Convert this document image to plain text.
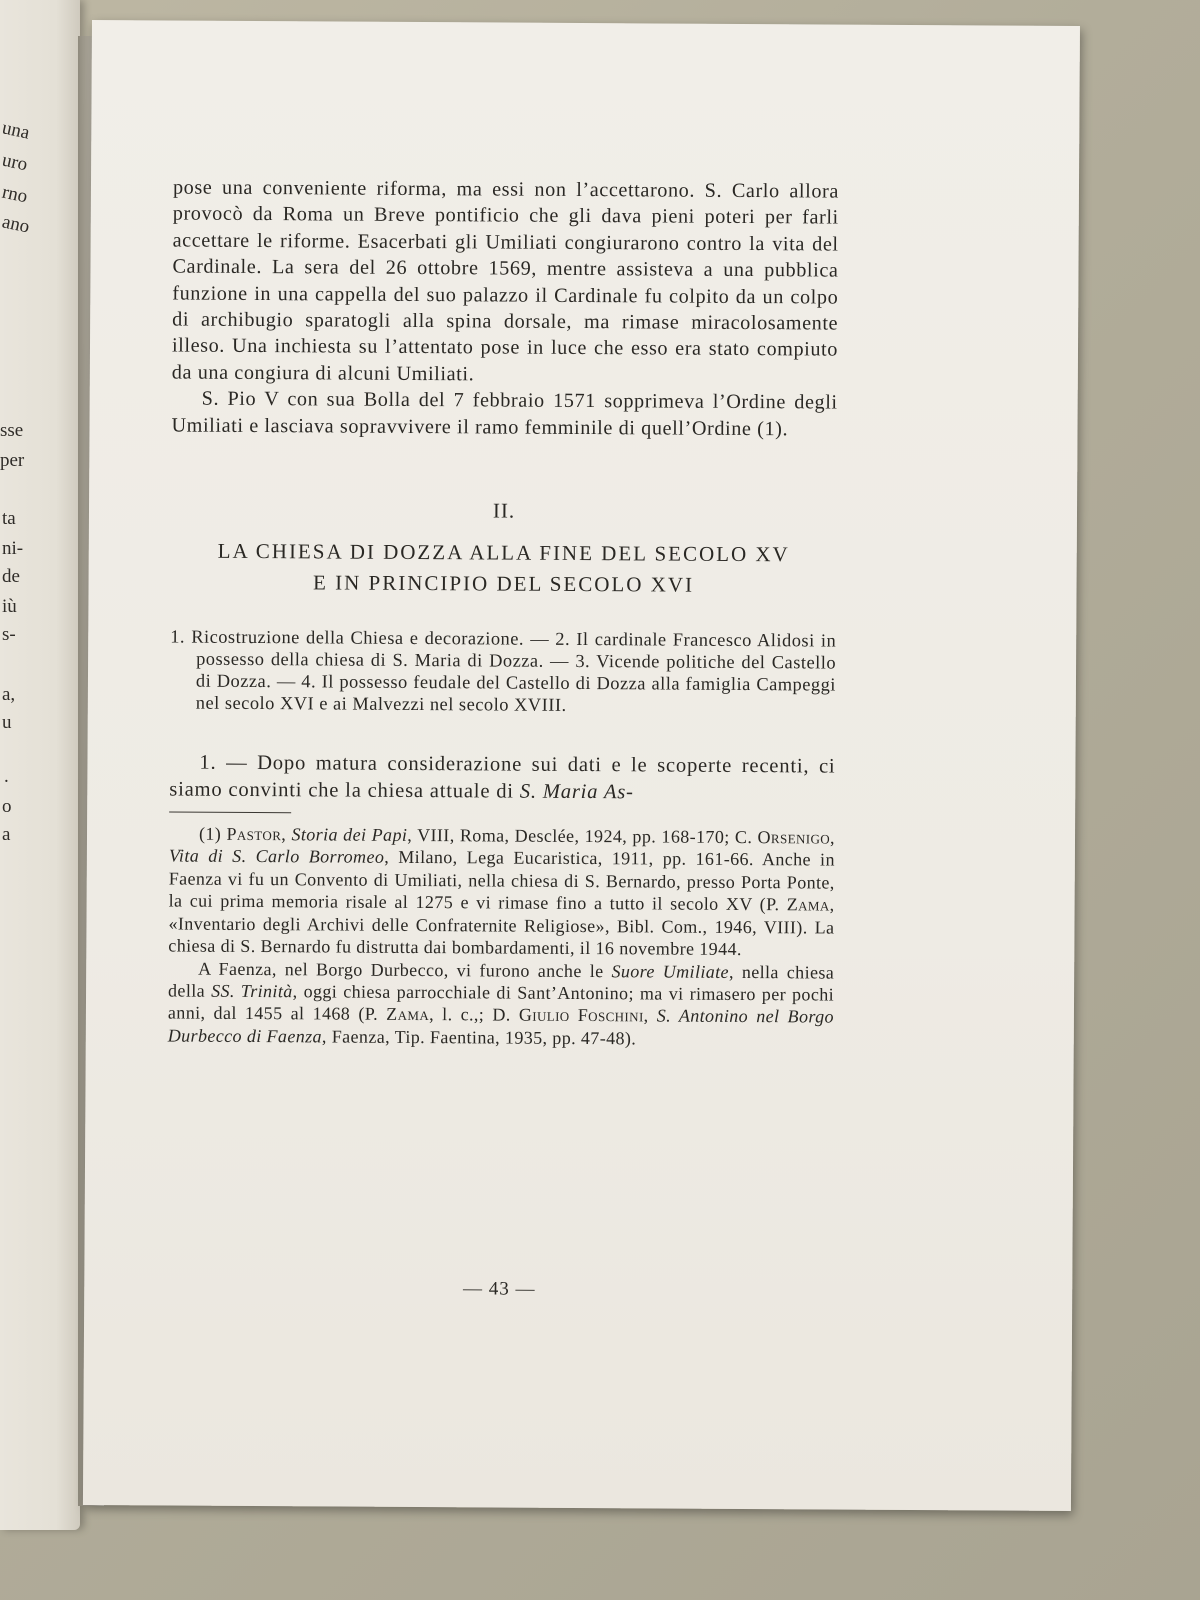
una
uro
rno
ano
sse
per
ta
ni-
de
iù
s-
a,
u
.
o
a

pose una conveniente riforma, ma essi non l’accettarono. S. Carlo allora provocò da Roma un Breve pontificio che gli dava pieni poteri per farli accettare le riforme. Esacerbati gli Umiliati congiurarono contro la vita del Cardinale. La sera del 26 ottobre 1569, mentre assisteva a una pubblica funzione in una cappella del suo palazzo il Cardinale fu colpito da un colpo di archibugio sparatogli alla spina dorsale, ma rimase miracolosamente illeso. Una inchiesta su l’attentato pose in luce che esso era stato compiuto da una congiura di alcuni Umiliati.

S. Pio V con sua Bolla del 7 febbraio 1571 sopprimeva l’Ordine degli Umiliati e lasciava sopravvivere il ramo femminile di quell’Ordine (1).

II.
LA CHIESA DI DOZZA ALLA FINE DEL SECOLO XV
E IN PRINCIPIO DEL SECOLO XVI
1. Ricostruzione della Chiesa e decorazione. — 2. Il cardinale Francesco Alidosi in possesso della chiesa di S. Maria di Dozza. — 3. Vicende politiche del Castello di Dozza. — 4. Il possesso feudale del Castello di Dozza alla famiglia Campeggi nel secolo XVI e ai Malvezzi nel secolo XVIII.
1. — Dopo matura considerazione sui dati e le scoperte recenti, ci siamo convinti che la chiesa attuale di S. Maria As-

(1) Pastor, Storia dei Papi, VIII, Roma, Desclée, 1924, pp. 168-170; C. Orsenigo, Vita di S. Carlo Borromeo, Milano, Lega Eucaristica, 1911, pp. 161-66. Anche in Faenza vi fu un Convento di Umiliati, nella chiesa di S. Bernardo, presso Porta Ponte, la cui prima memoria risale al 1275 e vi rimase fino a tutto il secolo XV (P. Zama, «Inventario degli Archivi delle Confraternite Religiose», Bibl. Com., 1946, VIII). La chiesa di S. Bernardo fu distrutta dai bombardamenti, il 16 novembre 1944.

A Faenza, nel Borgo Durbecco, vi furono anche le Suore Umiliate, nella chiesa della SS. Trinità, oggi chiesa parrocchiale di Sant’Antonino; ma vi rimasero per pochi anni, dal 1455 al 1468 (P. Zama, l. c.,; D. Giulio Foschini, S. Antonino nel Borgo Durbecco di Faenza, Faenza, Tip. Faentina, 1935, pp. 47-48).

— 43 —
